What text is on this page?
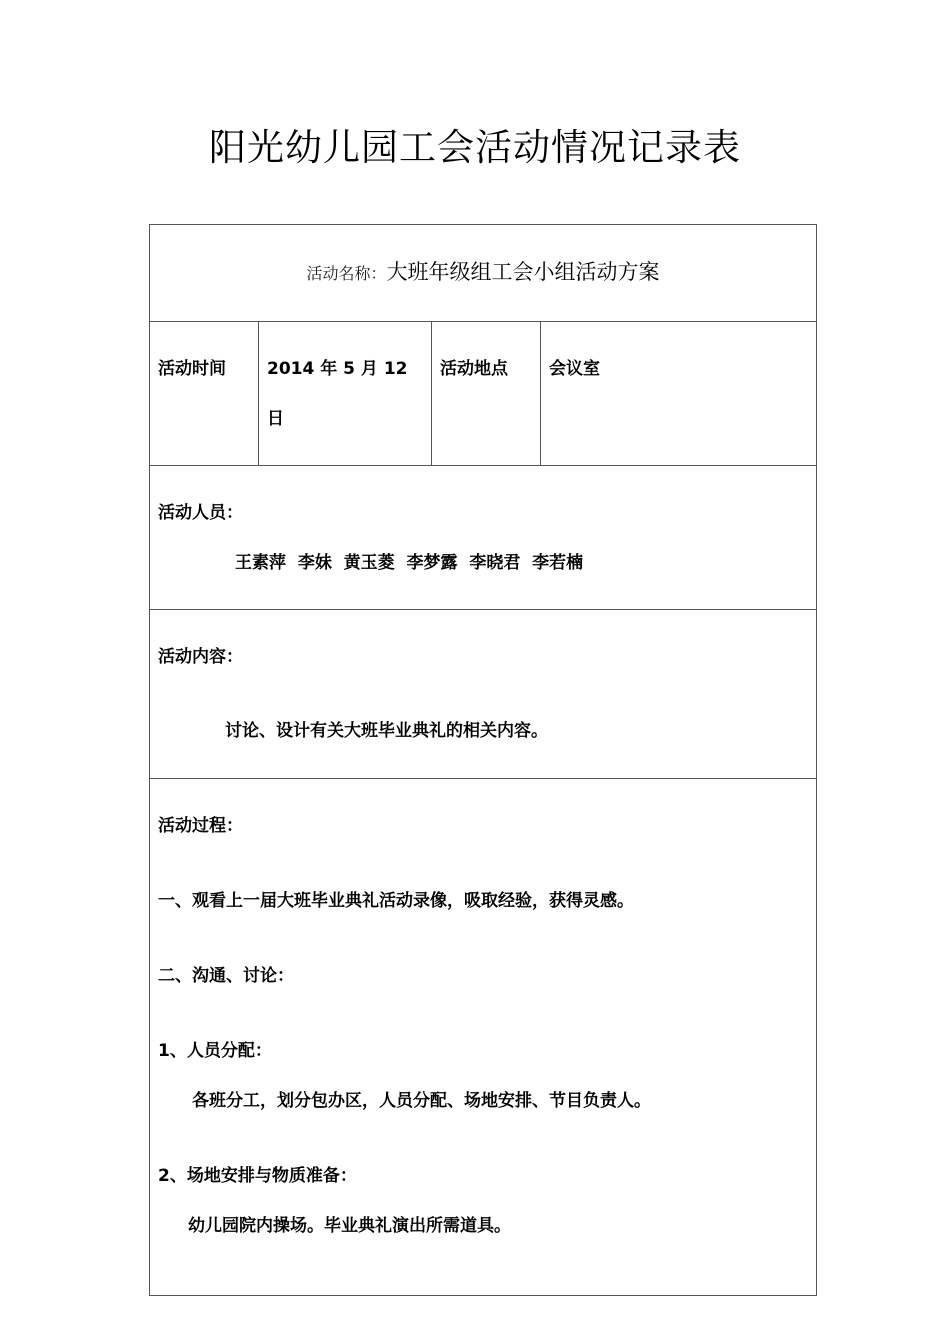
阳光幼儿园工会活动情况记录表
活动名称：大班年级组工会小组活动方案
活动时间	2014 年 5 月 12 日	活动地点	会议室

活动人员：
王素萍  李妹  黄玉菱  李梦露  李晓君  李若楠

活动内容：
讨论、设计有关大班毕业典礼的相关内容。

活动过程：
一、观看上一届大班毕业典礼活动录像，吸取经验，获得灵感。
二、沟通、讨论：
1、人员分配：
各班分工，划分包办区，人员分配、场地安排、节目负责人。
2、场地安排与物质准备：
幼儿园院内操场。毕业典礼演出所需道具。
